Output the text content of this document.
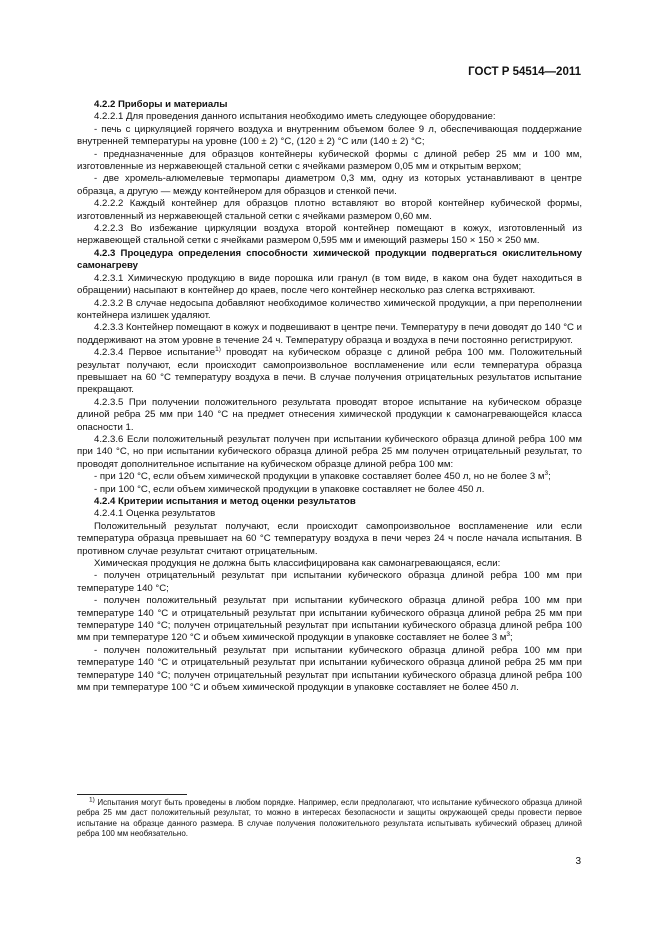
ГОСТ Р 54514—2011

4.2.2 Приборы и материалы

4.2.2.1 Для проведения данного испытания необходимо иметь следующее оборудование:

- печь с циркуляцией горячего воздуха и внутренним объемом более 9 л, обеспечивающая поддержание внутренней температуры на уровне (100 ± 2) °С, (120 ± 2) °С или (140 ± 2) °С;

- предназначенные для образцов контейнеры кубической формы с длиной ребер 25 мм и 100 мм, изготовленные из нержавеющей стальной сетки с ячейками размером 0,05 мм и открытым верхом;

- две хромель-алюмелевые термопары диаметром 0,3 мм, одну из которых устанавливают в центре образца, а другую — между контейнером для образцов и стенкой печи.

4.2.2.2 Каждый контейнер для образцов плотно вставляют во второй контейнер кубической формы, изготовленный из нержавеющей стальной сетки с ячейками размером 0,60 мм.

4.2.2.3 Во избежание циркуляции воздуха второй контейнер помещают в кожух, изготовленный из нержавеющей стальной сетки с ячейками размером 0,595 мм и имеющий размеры 150 × 150 × 250 мм.

4.2.3 Процедура определения способности химической продукции подвергаться окислительному самонагреву

4.2.3.1 Химическую продукцию в виде порошка или гранул (в том виде, в каком она будет находиться в обращении) насыпают в контейнер до краев, после чего контейнер несколько раз слегка встряхивают.

4.2.3.2 В случае недосыпа добавляют необходимое количество химической продукции, а при переполнении контейнера излишек удаляют.

4.2.3.3 Контейнер помещают в кожух и подвешивают в центре печи. Температуру в печи доводят до 140 °С и поддерживают на этом уровне в течение 24 ч. Температуру образца и воздуха в печи постоянно регистрируют.

4.2.3.4 Первое испытание$^{1)}$ проводят на кубическом образце с длиной ребра 100 мм. Положительный результат получают, если происходит самопроизвольное воспламенение или если температура образца превышает на 60 °С температуру воздуха в печи. В случае получения отрицательных результатов испытание прекращают.

4.2.3.5 При получении положительного результата проводят второе испытание на кубическом образце длиной ребра 25 мм при 140 °С на предмет отнесения химической продукции к самонагревающейся класса опасности 1.

4.2.3.6 Если положительный результат получен при испытании кубического образца длиной ребра 100 мм при 140 °С, но при испытании кубического образца длиной ребра 25 мм получен отрицательный результат, то проводят дополнительное испытание на кубическом образце длиной ребра 100 мм:

- при 120 °С, если объем химической продукции в упаковке составляет более 450 л, но не более 3 $м^3$;

- при 100 °С, если объем химической продукции в упаковке составляет не более 450 л.

4.2.4 Критерии испытания и метод оценки результатов

4.2.4.1 Оценка результатов

Положительный результат получают, если происходит самопроизвольное воспламенение или если температура образца превышает на 60 °С температуру воздуха в печи через 24 ч после начала испытания. В противном случае результат считают отрицательным.

Химическая продукция не должна быть классифицирована как самонагревающаяся, если:

- получен отрицательный результат при испытании кубического образца длиной ребра 100 мм при температуре 140 °С;

- получен положительный результат при испытании кубического образца длиной ребра 100 мм при температуре 140 °С и отрицательный результат при испытании кубического образца длиной ребра 25 мм при температуре 140 °С; получен отрицательный результат при испытании кубического образца длиной ребра 100 мм при температуре 120 °С и объем химической продукции в упаковке составляет не более 3 $м^3$;

- получен положительный результат при испытании кубического образца длиной ребра 100 мм при температуре 140 °С и отрицательный результат при испытании кубического образца длиной ребра 25 мм при температуре 140 °С; получен отрицательный результат при испытании кубического образца длиной ребра 100 мм при температуре 100 °С и объем химической продукции в упаковке составляет не более 450 л.

$^{1)}$ Испытания могут быть проведены в любом порядке. Например, если предполагают, что испытание кубического образца длиной ребра 25 мм даст положительный результат, то можно в интересах безопасности и защиты окружающей среды провести первое испытание на образце данного размера. В случае получения положительного результата испытывать кубический образец длиной ребра 100 мм необязательно.
3
